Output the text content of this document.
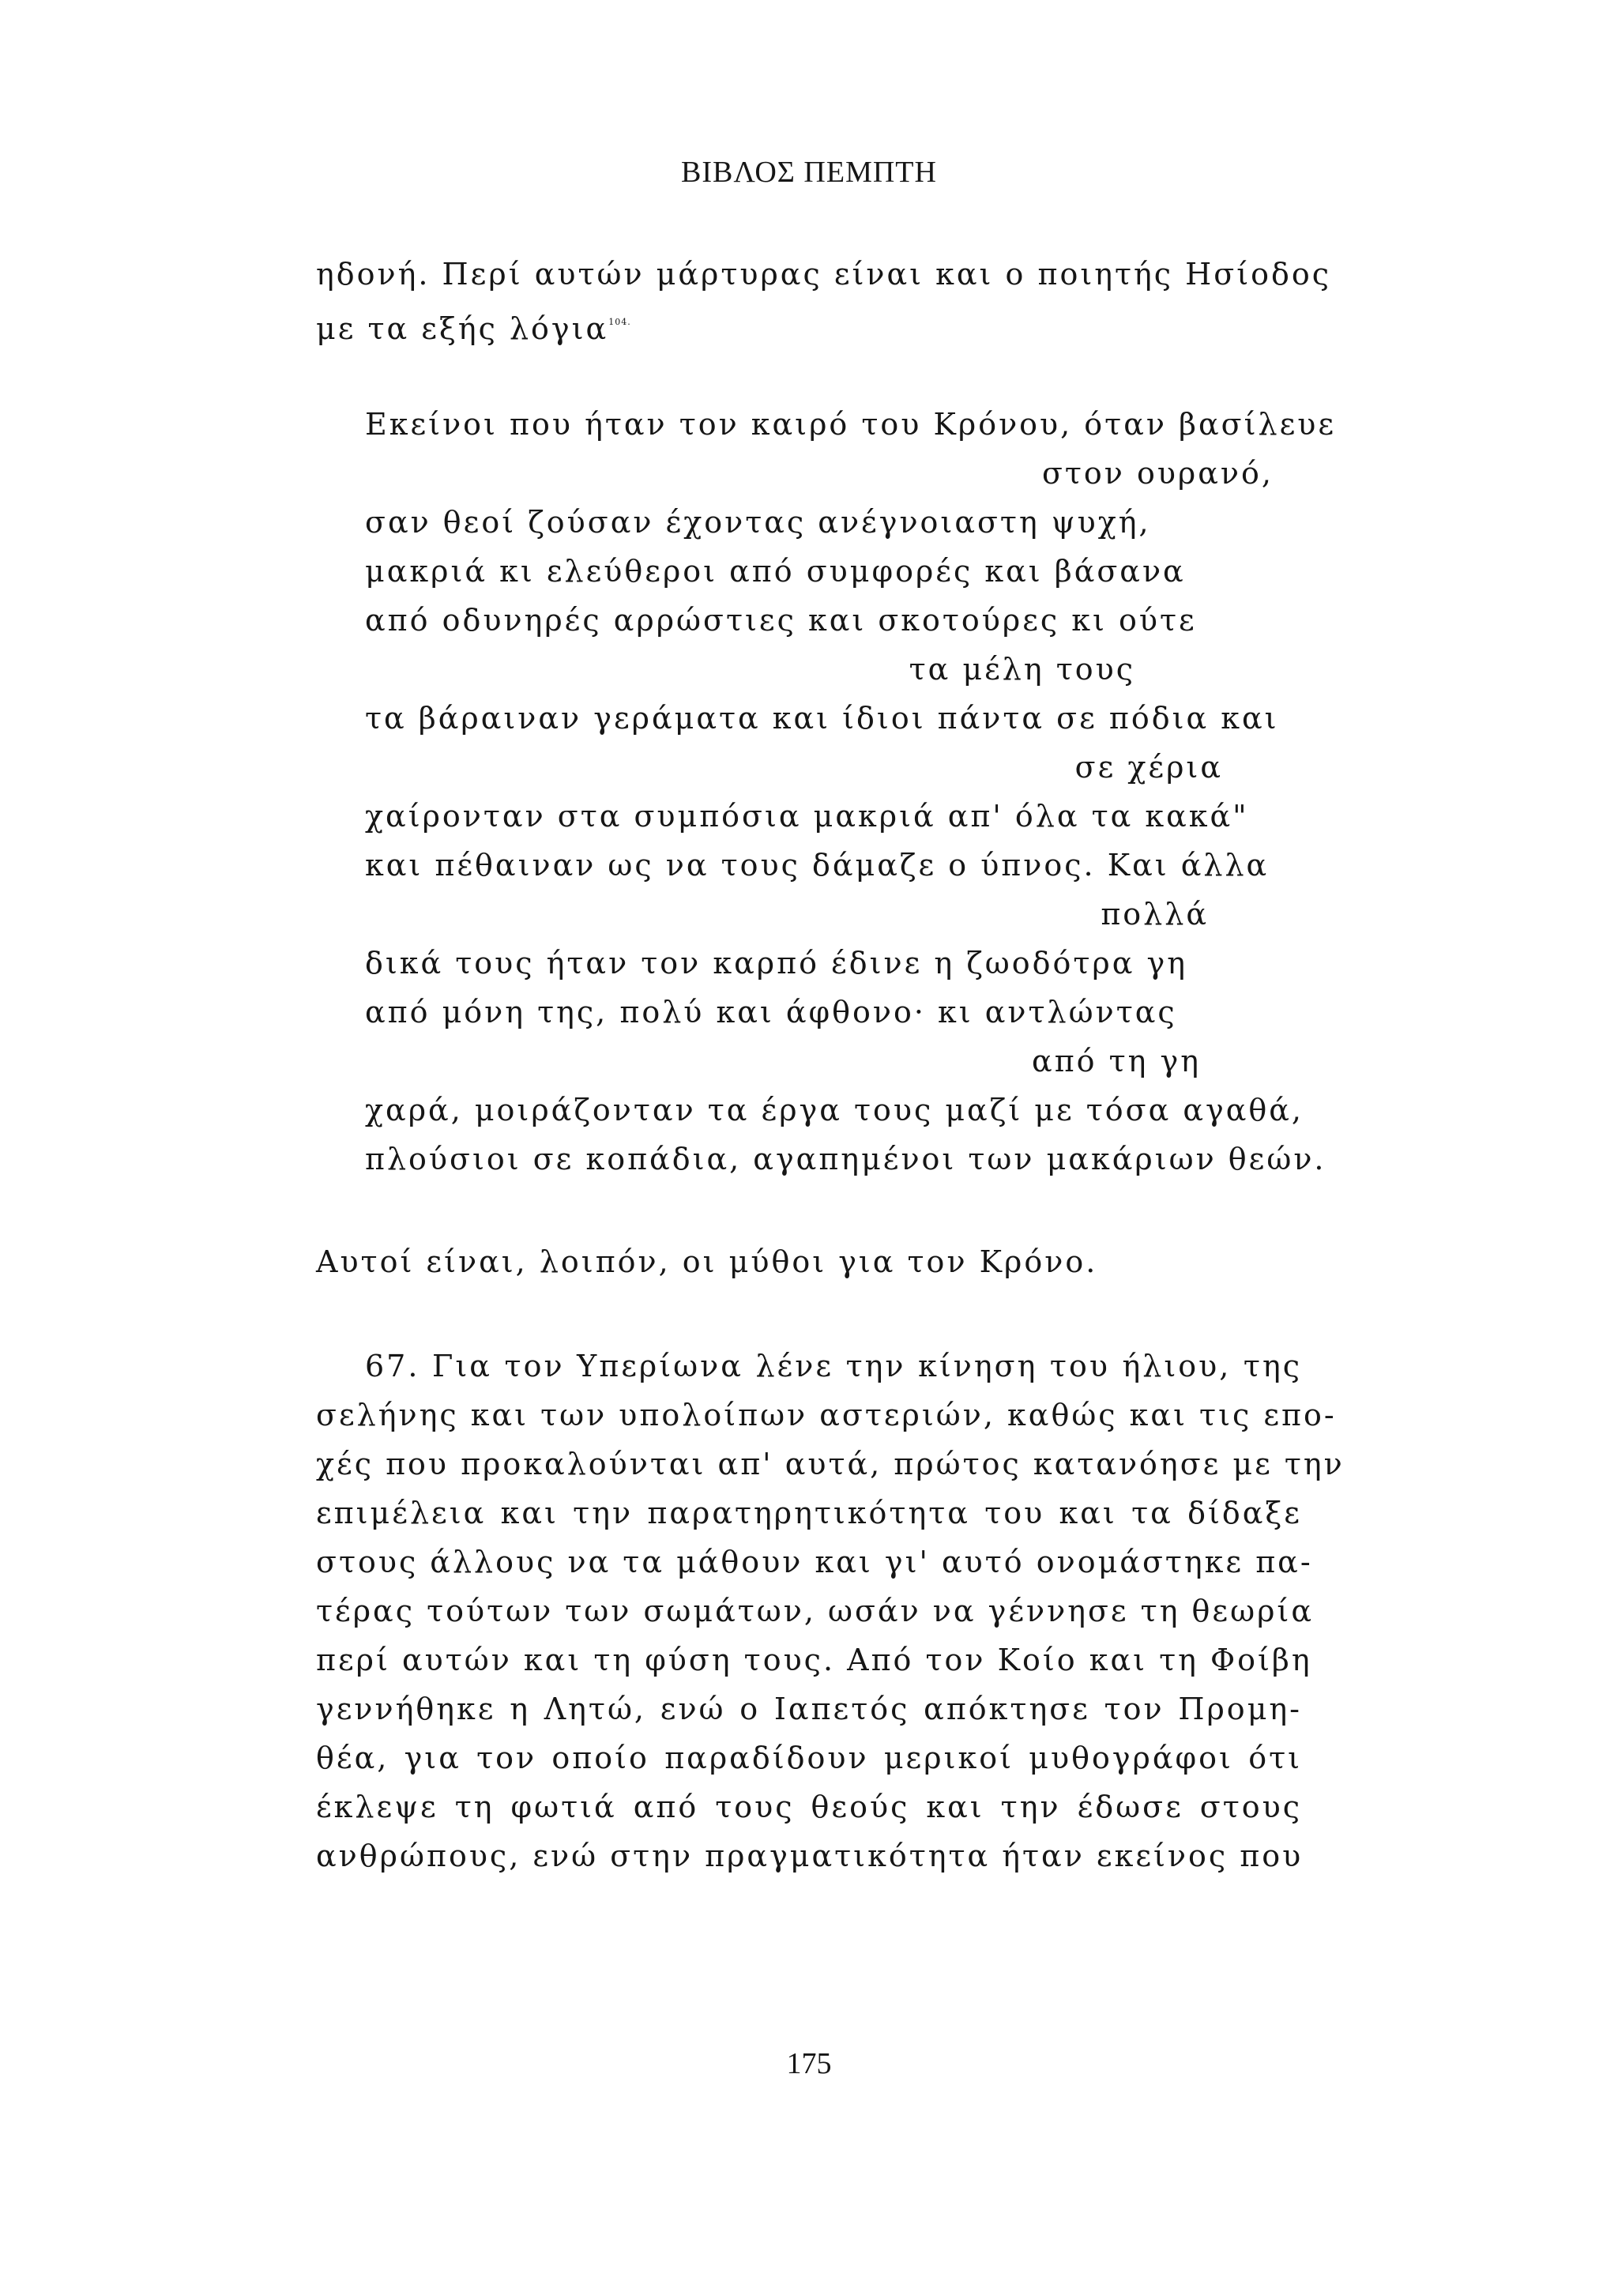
ΒΙΒΛΟΣ ΠΕΜΠΤΗ
ηδονή. Περί αυτών μάρτυρας είναι και ο ποιητής Ησίοδος
με τα εξής λόγια$^{104.}$
Εκείνοι που ήταν τον καιρό του Κρόνου, όταν βασίλευε
στον ουρανό,
σαν θεοί ζούσαν έχοντας ανέγνοιαστη ψυχή,
μακριά κι ελεύθεροι από συμφορές και βάσανα
από οδυνηρές αρρώστιες και σκοτούρες κι ούτε
τα μέλη τους
τα βάραιναν γεράματα και ίδιοι πάντα σε πόδια και
σε χέρια
χαίρονταν στα συμπόσια μακριά απ' όλα τα κακά"
και πέθαιναν ως να τους δάμαζε ο ύπνος. Και άλλα
πολλά
δικά τους ήταν τον καρπό έδινε η ζωοδότρα γη
από μόνη της, πολύ και άφθονο· κι αντλώντας
από τη γη
χαρά, μοιράζονταν τα έργα τους μαζί με τόσα αγαθά,
πλούσιοι σε κοπάδια, αγαπημένοι των μακάριων θεών.
Αυτοί είναι, λοιπόν, οι μύθοι για τον Κρόνο.
67. Για τον Υπερίωνα λένε την κίνηση του ήλιου, της
σελήνης και των υπολοίπων αστεριών, καθώς και τις επο-
χές που προκαλούνται απ' αυτά, πρώτος κατανόησε με την
επιμέλεια και την παρατηρητικότητα του και τα δίδαξε
στους άλλους να τα μάθουν και γι' αυτό ονομάστηκε πα-
τέρας τούτων των σωμάτων, ωσάν να γέννησε τη θεωρία
περί αυτών και τη φύση τους. Από τον Κοίο και τη Φοίβη
γεννήθηκε η Λητώ, ενώ ο Ιαπετός απόκτησε τον Προμη-
θέα, για τον οποίο παραδίδουν μερικοί μυθογράφοι ότι
έκλεψε τη φωτιά από τους θεούς και την έδωσε στους
ανθρώπους, ενώ στην πραγματικότητα ήταν εκείνος που
175
